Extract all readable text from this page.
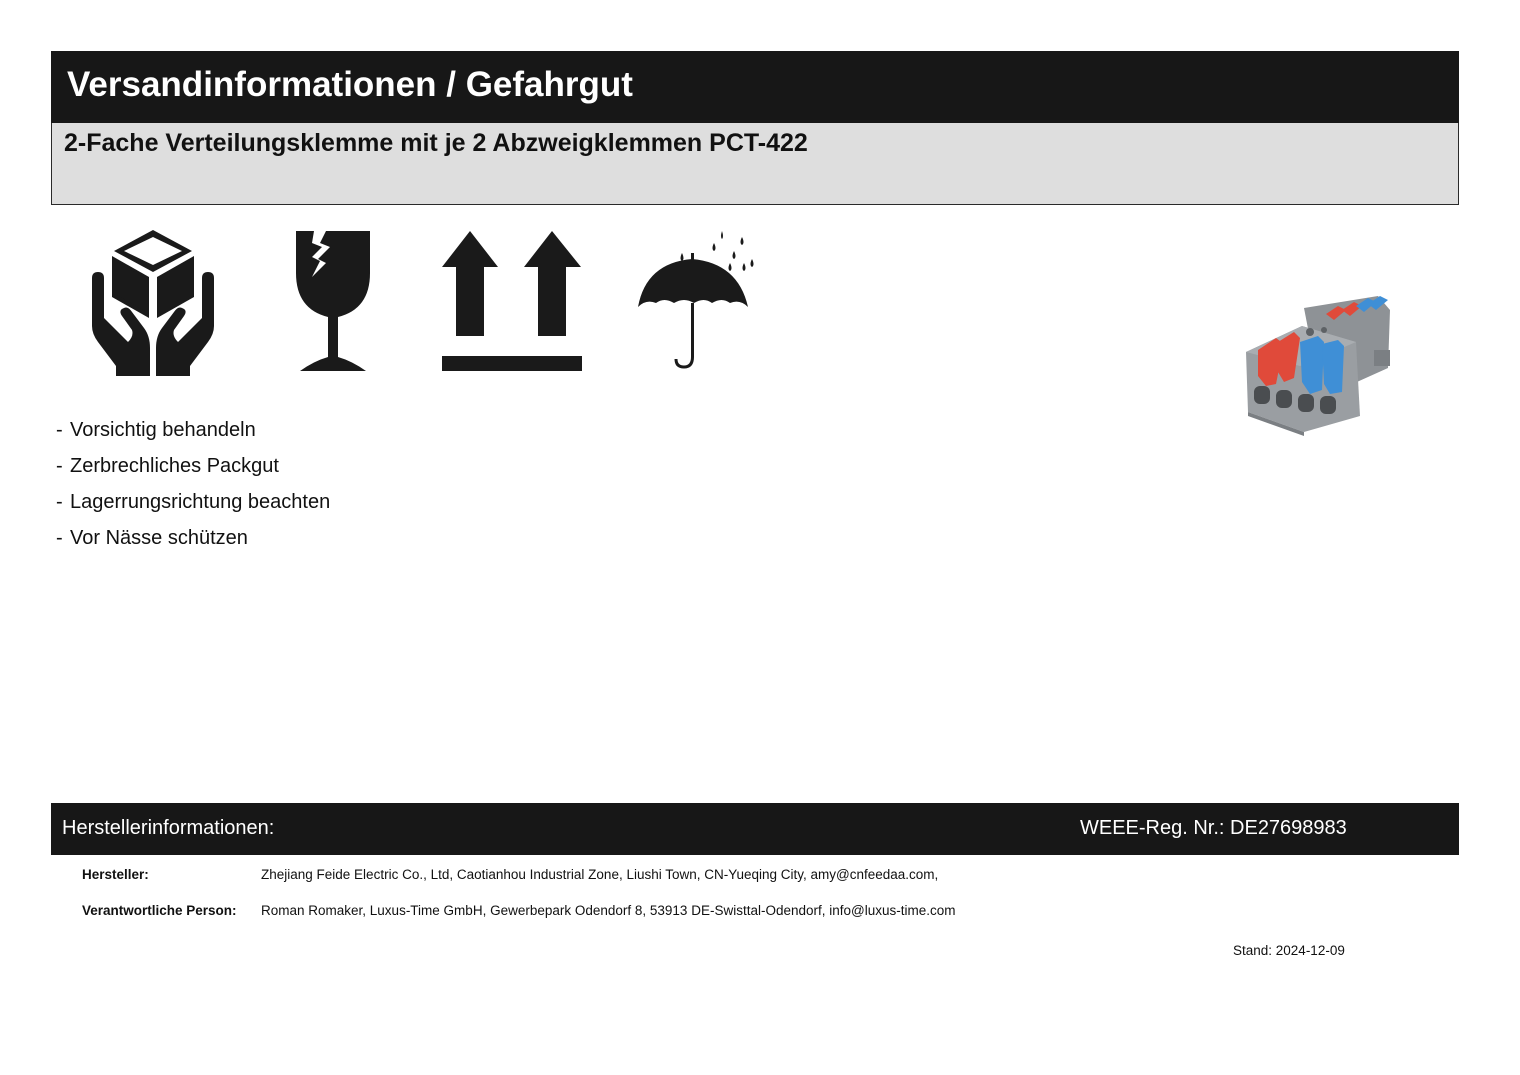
Versandinformationen / Gefahrgut
2-Fache Verteilungsklemme mit je 2 Abzweigklemmen PCT-422
- Vorsichtig behandeln
- Zerbrechliches Packgut
- Lagerrungsrichtung beachten
- Vor Nässe schützen
Herstellerinformationen:	WEEE-Reg. Nr.: DE27698983
Hersteller:	Zhejiang Feide Electric Co., Ltd, Caotianhou Industrial Zone, Liushi Town, CN-Yueqing City, amy@cnfeedaa.com,
Verantwortliche Person: Roman Romaker, Luxus-Time GmbH, Gewerbepark Odendorf 8, 53913 DE-Swisttal-Odendorf, info@luxus-time.com
Stand: 2024-12-09
